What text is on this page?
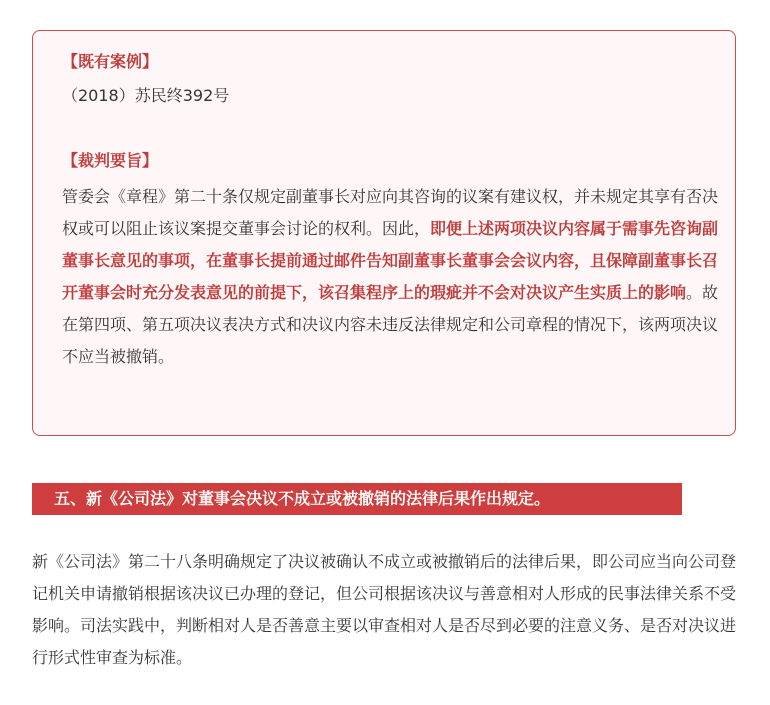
【既有案例】

（2018）苏民终392号

【裁判要旨】

管委会《章程》第二十条仅规定副董事长对应向其咨询的议案有建议权，并未规定其享有否决权或可以阻止该议案提交董事会讨论的权利。因此，即便上述两项决议内容属于需事先咨询副董事长意见的事项，在董事长提前通过邮件告知副董事长董事会会议内容，且保障副董事长召开董事会时充分发表意见的前提下，该召集程序上的瑕疵并不会对决议产生实质上的影响。故在第四项、第五项决议表决方式和决议内容未违反法律规定和公司章程的情况下，该两项决议不应当被撤销。

五、新《公司法》对董事会决议不成立或被撤销的法律后果作出规定。

新《公司法》第二十八条明确规定了决议被确认不成立或被撤销后的法律后果，即公司应当向公司登记机关申请撤销根据该决议已办理的登记，但公司根据该决议与善意相对人形成的民事法律关系不受影响。司法实践中，判断相对人是否善意主要以审查相对人是否尽到必要的注意义务、是否对决议进行形式性审查为标准。
